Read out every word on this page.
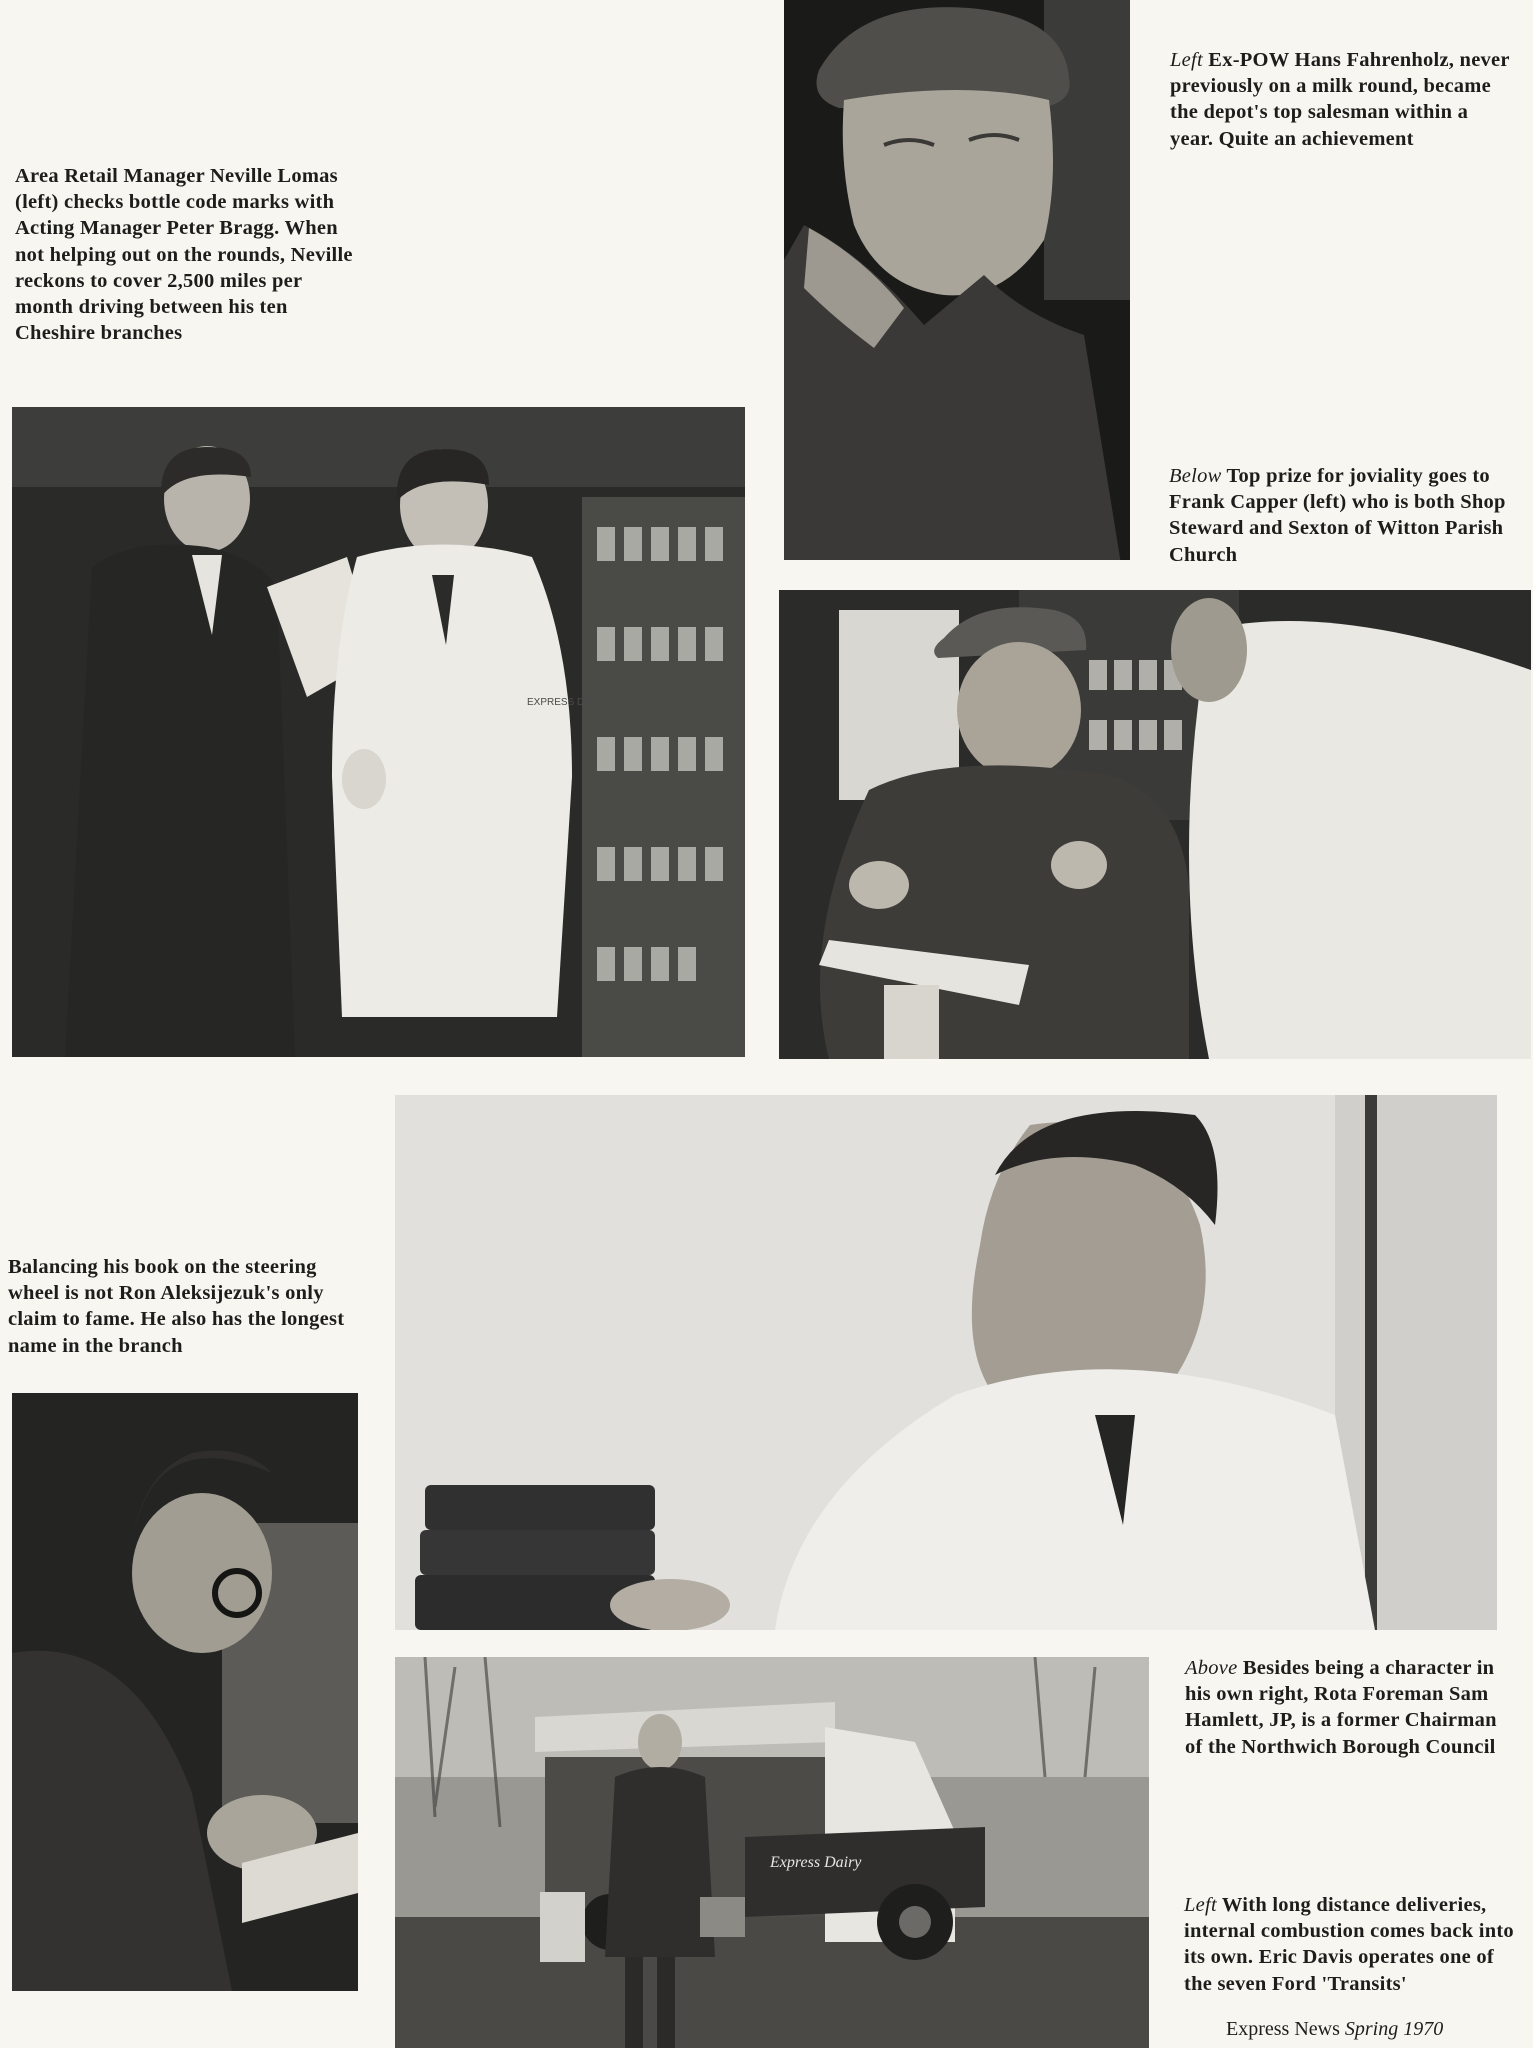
Area Retail Manager Neville Lomas (left) checks bottle code marks with Acting Manager Peter Bragg. When not helping out on the rounds, Neville reckons to cover 2,500 miles per month driving between his ten Cheshire branches

EXPRESS DAIRY

Left Ex-POW Hans Fahrenholz, never previously on a milk round, became the depot's top salesman within a year. Quite an achievement

Below Top prize for joviality goes to Frank Capper (left) who is both Shop Steward and Sexton of Witton Parish Church

Balancing his book on the steering wheel is not Ron Aleksijezuk's only claim to fame. He also has the longest name in the branch

Express Dairy

Above Besides being a character in his own right, Rota Foreman Sam Hamlett, JP, is a former Chairman of the Northwich Borough Council

Left With long distance deliveries, internal combustion comes back into its own. Eric Davis operates one of the seven Ford 'Transits'

Express News Spring 1970
